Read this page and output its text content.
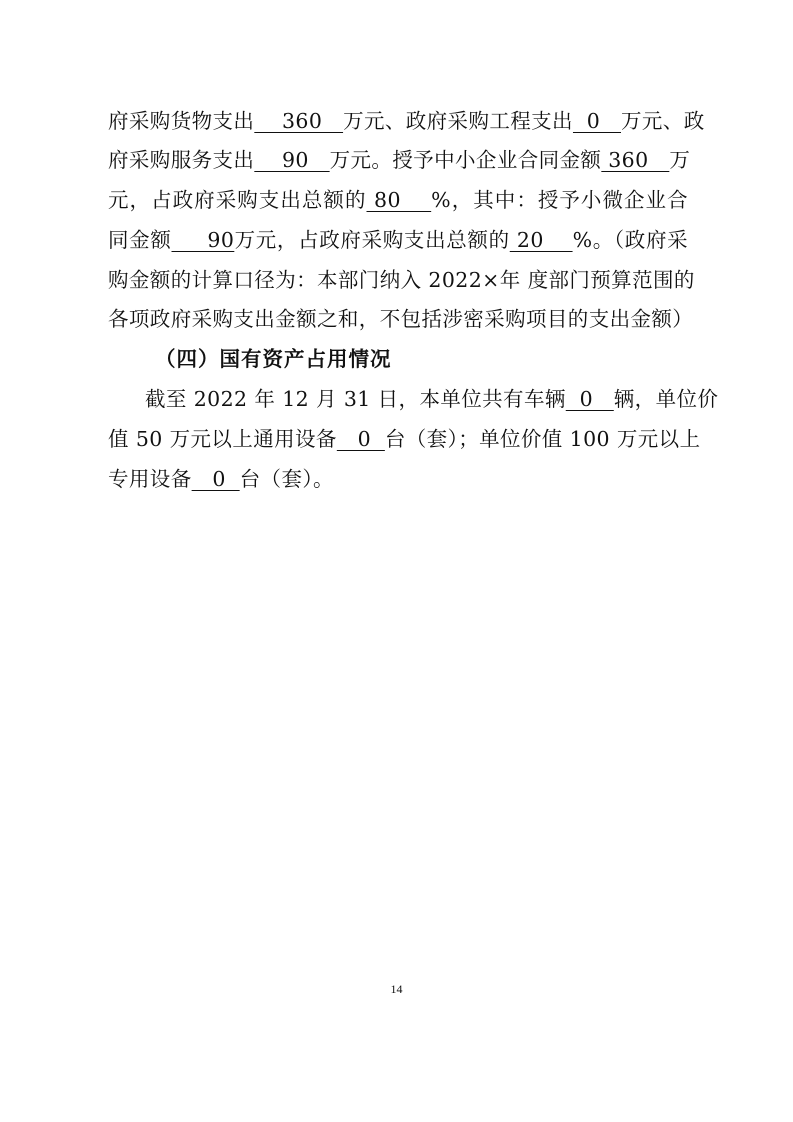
府采购货物支出    360   万元、政府采购工程支出  0   万元、政
府采购服务支出    90   万元。授予中小企业合同金额 360   万
元，占政府采购支出总额的 80    %，其中：授予小微企业合
同金额     90万元，占政府采购支出总额的 20    %。（政府采
购金额的计算口径为：本部门纳入 2022×年 度部门预算范围的
各项政府采购支出金额之和，不包括涉密采购项目的支出金额）
（四）国有资产占用情况
截至 2022 年 12 月 31 日，本单位共有车辆  0   辆，单位价
值 50 万元以上通用设备   0  台（套）；单位价值 100 万元以上
专用设备   0  台（套）。
14
